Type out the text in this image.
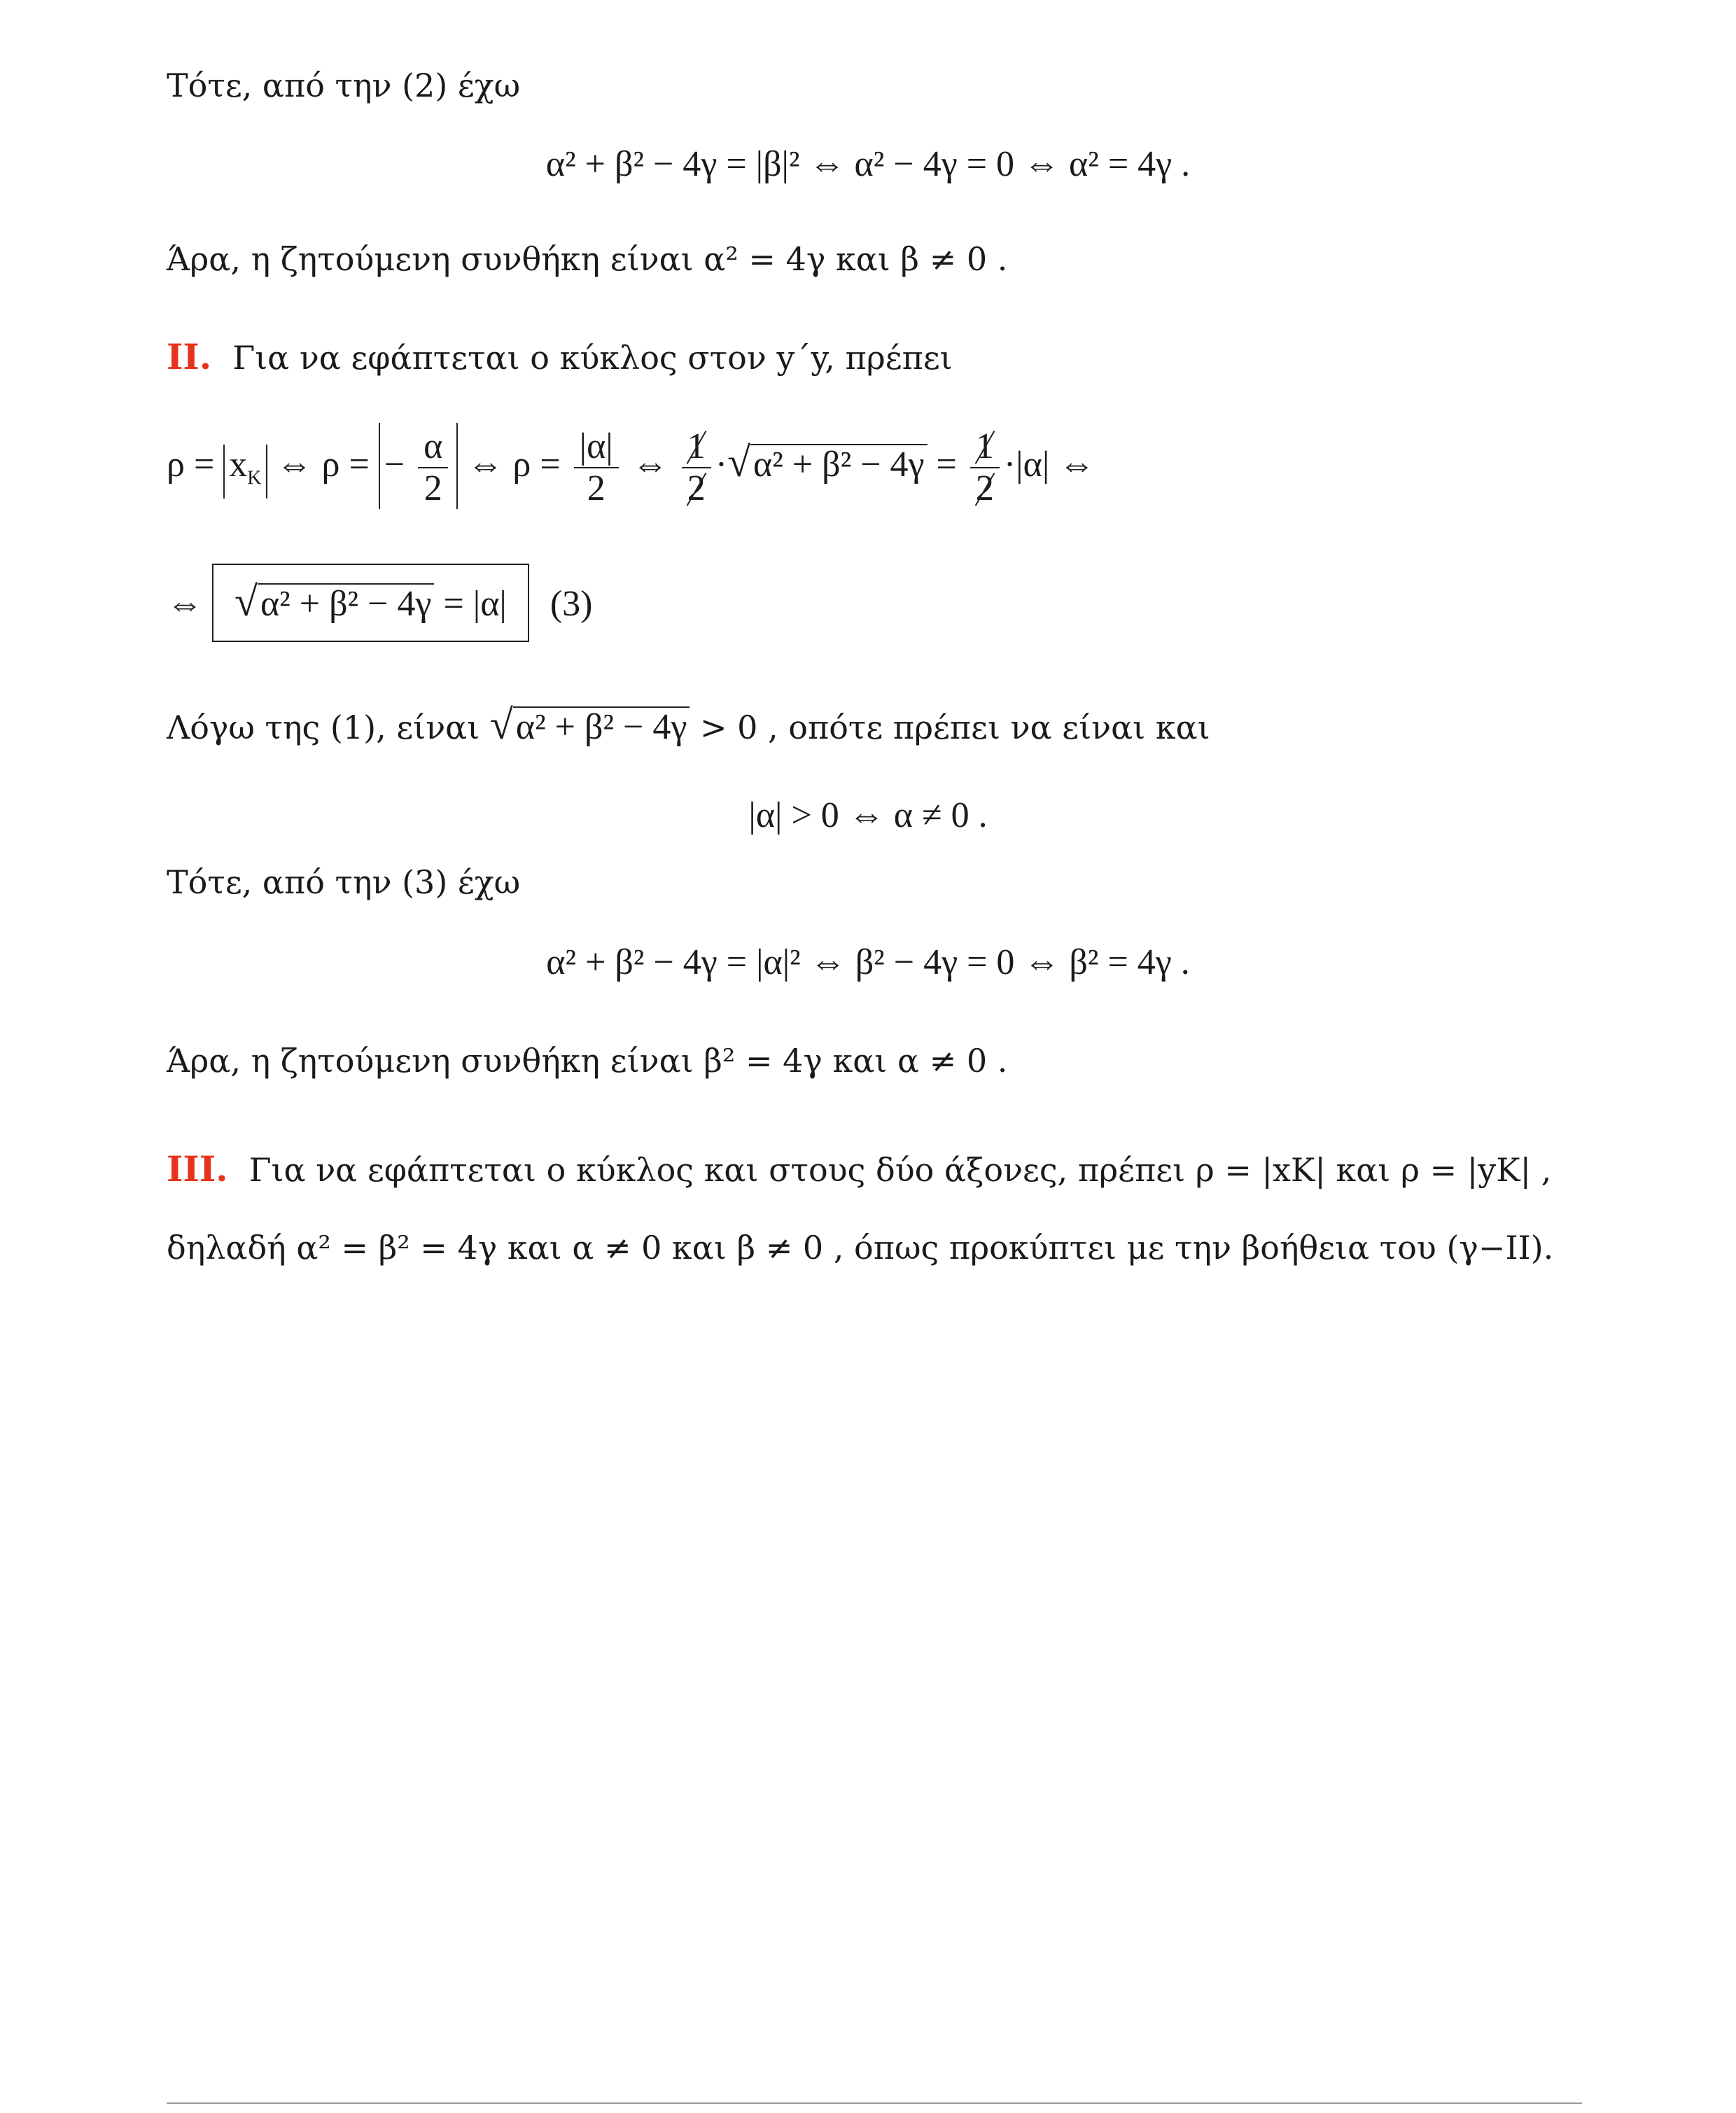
Τότε, από την (2) έχω
α² + β² − 4γ = |β|² ⇔ α² − 4γ = 0 ⇔ α² = 4γ .
Άρα, η ζητούμενη συνθήκη είναι α² = 4γ και β ≠ 0 .
II. Για να εφάπτεται ο κύκλος στον y΄y, πρέπει
$\rho = x_K$ ⇔ ρ = − $\frac{\alpha}{2}$ ⇔ $\rho = \frac{|\alpha|}{2}$ ⇔ $\frac{1}{2} \cdot√\alpha^2 + \beta^2 - 4\gamma = \frac{1}{2} \cdot|\alpha|$ ⇔
⇔ √α² + β² − 4γ = |α| (3)
Λόγω της (1), είναι √α² + β² − 4γ > 0 , οπότε πρέπει να είναι και
|α| > 0 ⇔ α ≠ 0 .
Τότε, από την (3) έχω
α² + β² − 4γ = |α|² ⇔ β² − 4γ = 0 ⇔ β² = 4γ .
Άρα, η ζητούμενη συνθήκη είναι β² = 4γ και α ≠ 0 .
III. Για να εφάπτεται ο κύκλος και στους δύο άξονες, πρέπει ρ = |xΚ| και ρ = |yΚ| ,
δηλαδή α² = β² = 4γ και α ≠ 0 και β ≠ 0 , όπως προκύπτει με την βοήθεια του (γ−ΙΙ).
